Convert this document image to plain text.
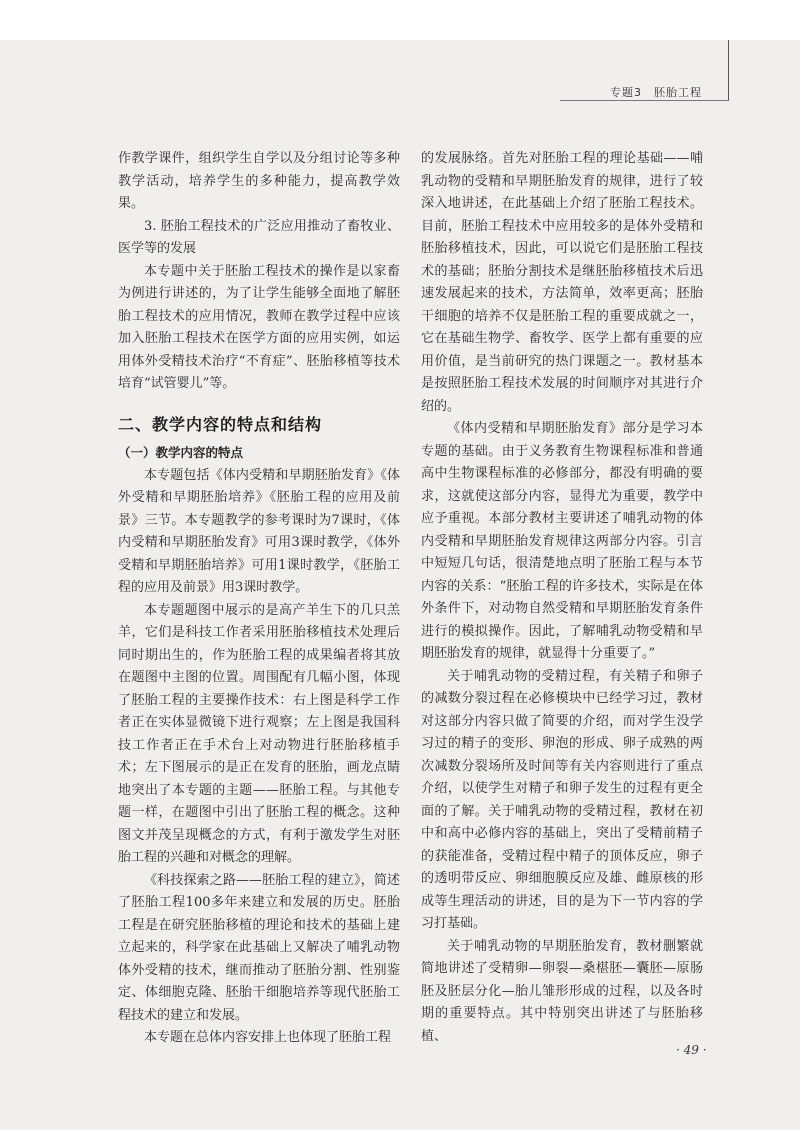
专题3　胚胎工程

作教学课件，组织学生自学以及分组讨论等多种教学活动，培养学生的多种能力，提高教学效果。

3. 胚胎工程技术的广泛应用推动了畜牧业、医学等的发展

本专题中关于胚胎工程技术的操作是以家畜为例进行讲述的，为了让学生能够全面地了解胚胎工程技术的应用情况，教师在教学过程中应该加入胚胎工程技术在医学方面的应用实例，如运用体外受精技术治疗“不育症”、胚胎移植等技术培育“试管婴儿”等。

二、教学内容的特点和结构
（一）教学内容的特点

本专题包括《体内受精和早期胚胎发育》《体外受精和早期胚胎培养》《胚胎工程的应用及前景》三节。本专题教学的参考课时为7课时，《体内受精和早期胚胎发育》可用3课时教学，《体外受精和早期胚胎培养》可用1课时教学，《胚胎工程的应用及前景》用3课时教学。

本专题题图中展示的是高产羊生下的几只羔羊，它们是科技工作者采用胚胎移植技术处理后同时期出生的，作为胚胎工程的成果编者将其放在题图中主图的位置。周围配有几幅小图，体现了胚胎工程的主要操作技术：右上图是科学工作者正在实体显微镜下进行观察；左上图是我国科技工作者正在手术台上对动物进行胚胎移植手术；左下图展示的是正在发育的胚胎，画龙点睛地突出了本专题的主题——胚胎工程。与其他专题一样，在题图中引出了胚胎工程的概念。这种图文并茂呈现概念的方式，有利于激发学生对胚胎工程的兴趣和对概念的理解。

《科技探索之路——胚胎工程的建立》，简述了胚胎工程100多年来建立和发展的历史。胚胎工程是在研究胚胎移植的理论和技术的基础上建立起来的，科学家在此基础上又解决了哺乳动物体外受精的技术，继而推动了胚胎分割、性别鉴定、体细胞克隆、胚胎干细胞培养等现代胚胎工程技术的建立和发展。

本专题在总体内容安排上也体现了胚胎工程

的发展脉络。首先对胚胎工程的理论基础——哺乳动物的受精和早期胚胎发育的规律，进行了较深入地讲述，在此基础上介绍了胚胎工程技术。目前，胚胎工程技术中应用较多的是体外受精和胚胎移植技术，因此，可以说它们是胚胎工程技术的基础；胚胎分割技术是继胚胎移植技术后迅速发展起来的技术，方法简单，效率更高；胚胎干细胞的培养不仅是胚胎工程的重要成就之一，它在基础生物学、畜牧学、医学上都有重要的应用价值，是当前研究的热门课题之一。教材基本是按照胚胎工程技术发展的时间顺序对其进行介绍的。

《体内受精和早期胚胎发育》部分是学习本专题的基础。由于义务教育生物课程标准和普通高中生物课程标准的必修部分，都没有明确的要求，这就使这部分内容，显得尤为重要，教学中应予重视。本部分教材主要讲述了哺乳动物的体内受精和早期胚胎发育规律这两部分内容。引言中短短几句话，很清楚地点明了胚胎工程与本节内容的关系：“胚胎工程的许多技术，实际是在体外条件下，对动物自然受精和早期胚胎发育条件进行的模拟操作。因此，了解哺乳动物受精和早期胚胎发育的规律，就显得十分重要了。”

关于哺乳动物的受精过程，有关精子和卵子的减数分裂过程在必修模块中已经学习过，教材对这部分内容只做了简要的介绍，而对学生没学习过的精子的变形、卵泡的形成、卵子成熟的两次减数分裂场所及时间等有关内容则进行了重点介绍，以使学生对精子和卵子发生的过程有更全面的了解。关于哺乳动物的受精过程，教材在初中和高中必修内容的基础上，突出了受精前精子的获能准备，受精过程中精子的顶体反应，卵子的透明带反应、卵细胞膜反应及雄、雌原核的形成等生理活动的讲述，目的是为下一节内容的学习打基础。

关于哺乳动物的早期胚胎发育，教材删繁就简地讲述了受精卵—卵裂—桑椹胚—囊胚—原肠胚及胚层分化—胎儿雏形形成的过程，以及各时期的重要特点。其中特别突出讲述了与胚胎移植、

· 49 ·
